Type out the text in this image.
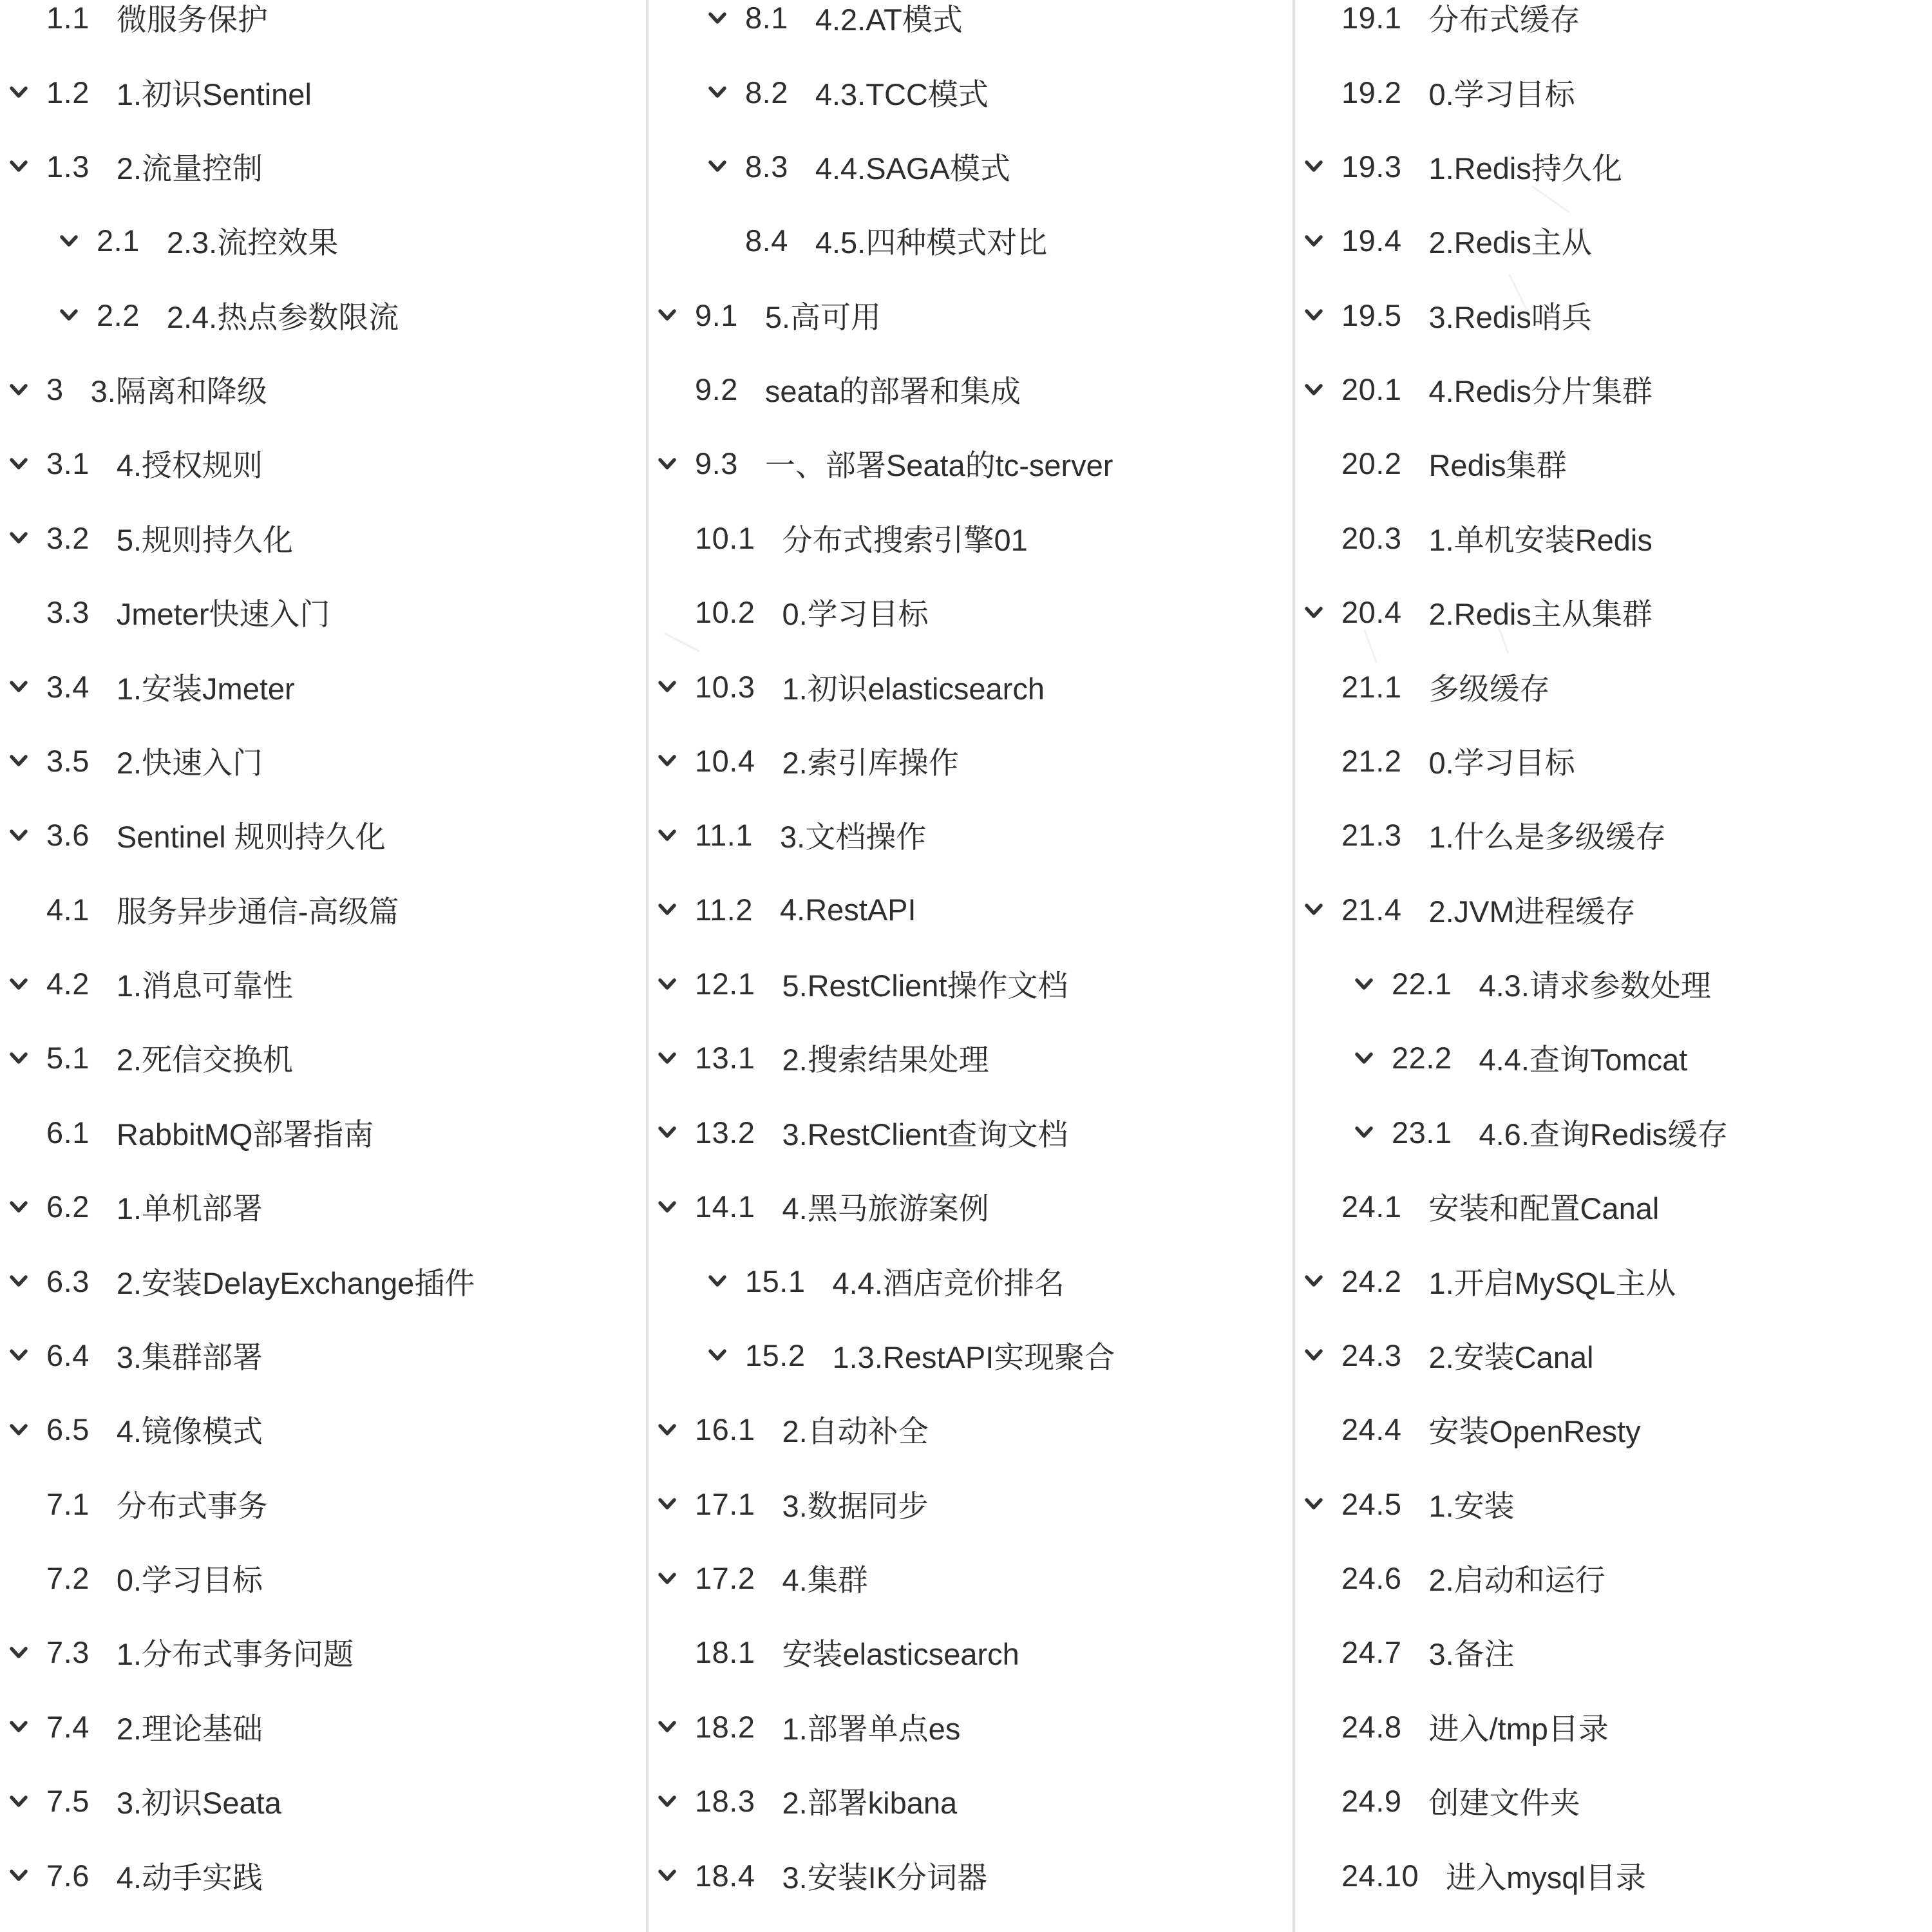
1.1 微服务保护
1.2 1.初识Sentinel
1.3 2.流量控制
2.1 2.3.流控效果
2.2 2.4.热点参数限流
3 3.隔离和降级
3.1 4.授权规则
3.2 5.规则持久化
3.3 Jmeter快速入门
3.4 1.安装Jmeter
3.5 2.快速入门
3.6 Sentinel 规则持久化
4.1 服务异步通信-高级篇
4.2 1.消息可靠性
5.1 2.死信交换机
6.1 RabbitMQ部署指南
6.2 1.单机部署
6.3 2.安装DelayExchange插件
6.4 3.集群部署
6.5 4.镜像模式
7.1 分布式事务
7.2 0.学习目标
7.3 1.分布式事务问题
7.4 2.理论基础
7.5 3.初识Seata
7.6 4.动手实践
8.1 4.2.AT模式
8.2 4.3.TCC模式
8.3 4.4.SAGA模式
8.4 4.5.四种模式对比
9.1 5.高可用
9.2 seata的部署和集成
9.3 一、部署Seata的tc-server
10.1 分布式搜索引擎01
10.2 0.学习目标
10.3 1.初识elasticsearch
10.4 2.索引库操作
11.1 3.文档操作
11.2 4.RestAPI
12.1 5.RestClient操作文档
13.1 2.搜索结果处理
13.2 3.RestClient查询文档
14.1 4.黑马旅游案例
15.1 4.4.酒店竞价排名
15.2 1.3.RestAPI实现聚合
16.1 2.自动补全
17.1 3.数据同步
17.2 4.集群
18.1 安装elasticsearch
18.2 1.部署单点es
18.3 2.部署kibana
18.4 3.安装IK分词器
19.1 分布式缓存
19.2 0.学习目标
19.3 1.Redis持久化
19.4 2.Redis主从
19.5 3.Redis哨兵
20.1 4.Redis分片集群
20.2 Redis集群
20.3 1.单机安装Redis
20.4 2.Redis主从集群
21.1 多级缓存
21.2 0.学习目标
21.3 1.什么是多级缓存
21.4 2.JVM进程缓存
22.1 4.3.请求参数处理
22.2 4.4.查询Tomcat
23.1 4.6.查询Redis缓存
24.1 安装和配置Canal
24.2 1.开启MySQL主从
24.3 2.安装Canal
24.4 安装OpenResty
24.5 1.安装
24.6 2.启动和运行
24.7 3.备注
24.8 进入/tmp目录
24.9 创建文件夹
24.10 进入mysql目录
